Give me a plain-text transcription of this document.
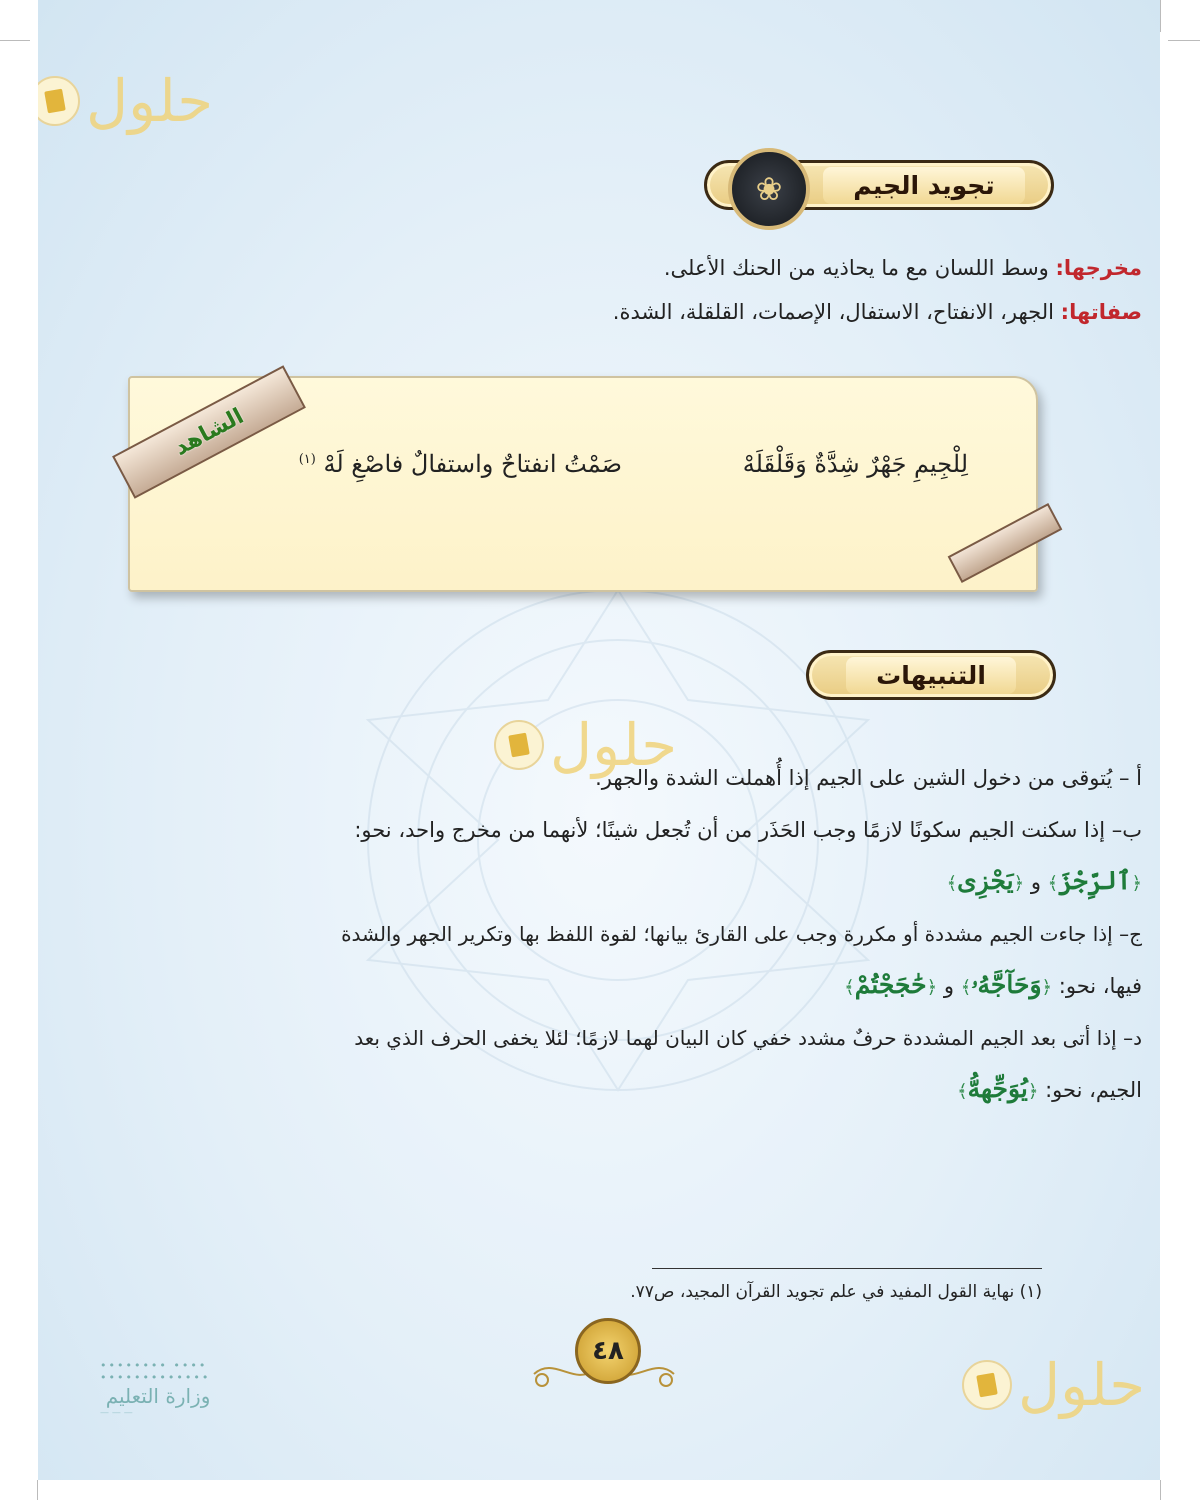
حلول
حلول
حلول
•••••••• ••••
•••••••••••••
وزارة التعليم
— — —
تجويد الجيم
❀
مخرجها: وسط اللسان مع ما يحاذيه من الحنك الأعلى.
صفاتها: الجهر، الانفتاح، الاستفال، الإصمات، القلقلة، الشدة.
الشاهد
لِلْجِيمِ جَهْرٌ شِدَّةٌ وَقَلْقَلَهْ
صَمْتُ انفتاحٌ واستفالٌ فاصْغِ لَهْ $^{(١)}$
التنبيهات
أ – يُتوقى من دخول الشين على الجيم إذا أُهملت الشدة والجهر.
ب– إذا سكنت الجيم سكونًا لازمًا وجب الحَذَر من أن تُجعل شينًا؛ لأنهما من مخرج واحد، نحو:
﴿ٱلرِّجْزَ﴾ و ﴿يَجْزِى﴾
ج– إذا جاءت الجيم مشددة أو مكررة وجب على القارئ بيانها؛ لقوة اللفظ بها وتكرير الجهر والشدة
فيها، نحو: ﴿وَحَآجَّهُۥ﴾ و ﴿حَٰجَجْتُمْ﴾
د– إذا أتى بعد الجيم المشددة حرفٌ مشدد خفي كان البيان لهما لازمًا؛ لئلا يخفى الحرف الذي بعد
الجيم، نحو: ﴿يُوَجِّههُّ﴾
(١) نهاية القول المفيد في علم تجويد القرآن المجيد، ص٧٧.
٤٨
